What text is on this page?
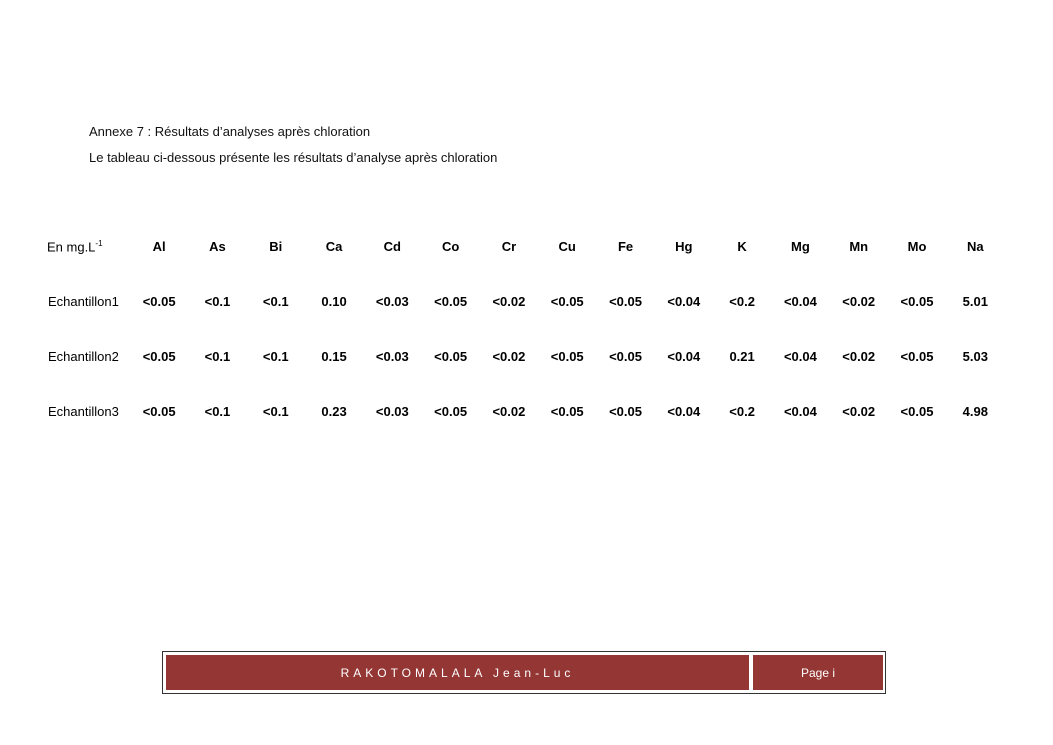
Annexe 7 : Résultats d’analyses après chloration
Le tableau ci-dessous présente les résultats d’analyse après chloration
En $mg.L^{-1}$	Al	As	Bi	Ca	Cd	Co	Cr	Cu	Fe	Hg	K	Mg	Mn	Mo	Na
Echantillon1	<0.05	<0.1	<0.1	0.10	<0.03	<0.05	<0.02	<0.05	<0.05	<0.04	<0.2	<0.04	<0.02	<0.05	5.01
Echantillon2	<0.05	<0.1	<0.1	0.15	<0.03	<0.05	<0.02	<0.05	<0.05	<0.04	0.21	<0.04	<0.02	<0.05	5.03
Echantillon3	<0.05	<0.1	<0.1	0.23	<0.03	<0.05	<0.02	<0.05	<0.05	<0.04	<0.2	<0.04	<0.02	<0.05	4.98
RAKOTOMALALA Jean-Luc	Page i
